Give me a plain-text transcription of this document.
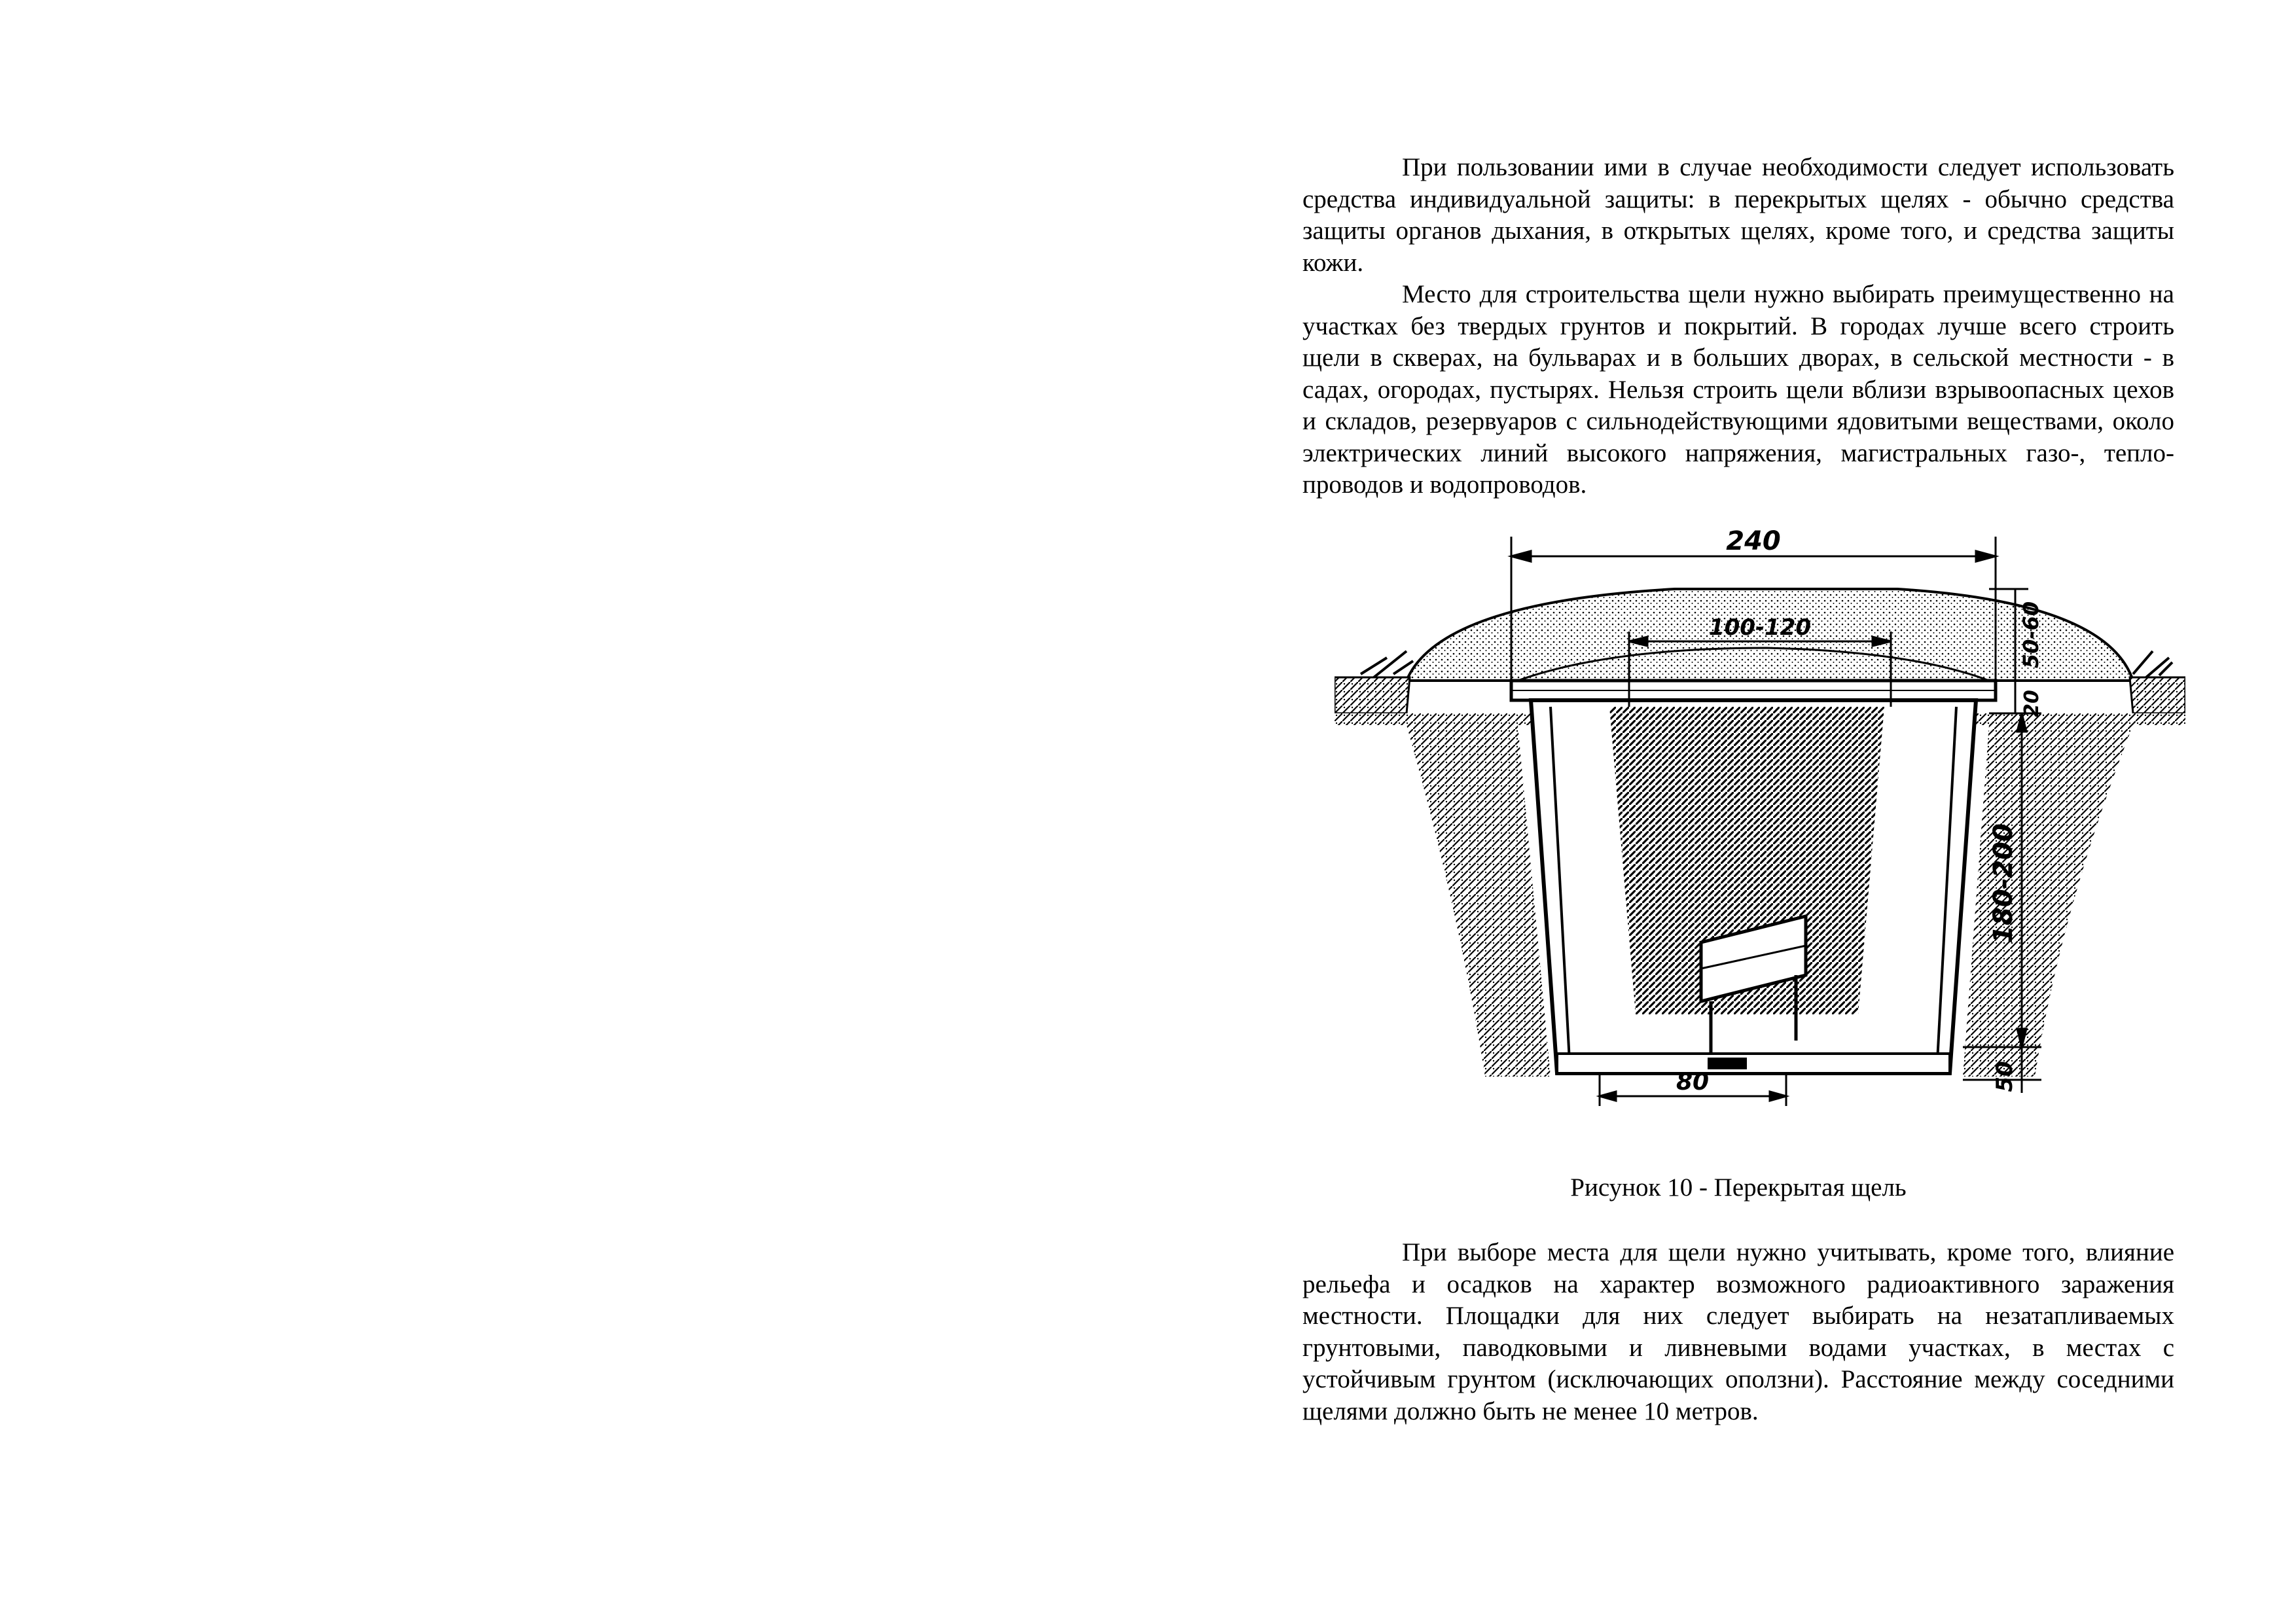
При пользовании ими в случае необходимости следует использовать средства индивидуальной защиты: в перекрытых щелях - обычно средства защиты органов дыхания, в открытых щелях, кроме того, и средства защиты кожи.

Место для строительства щели нужно выбирать преимущественно на участках без твердых грунтов и покрытий. В городах лучше всего строить щели в скверах, на бульварах и в больших дворах, в сельской местности - в садах, огородах, пустырях. Нельзя строить щели вблизи взрывоопасных цехов и складов, резервуаров с сильнодействующими ядовитыми веществами, около электрических линий высокого напряжения, магистральных газо-, тепло-проводов и водопроводов.

240
100-120	50-60
20
180-200
50
80
Рисунок 10 - Перекрытая щель

При выборе места для щели нужно учитывать, кроме того, влияние рельефа и осадков на характер возможного радиоактивного заражения местности. Площадки для них следует выбирать на незатапливаемых грунтовыми, паводковыми и ливневыми водами участках, в местах с устойчивым грунтом (исключающих оползни). Расстояние между соседними щелями должно быть не менее 10 метров.
